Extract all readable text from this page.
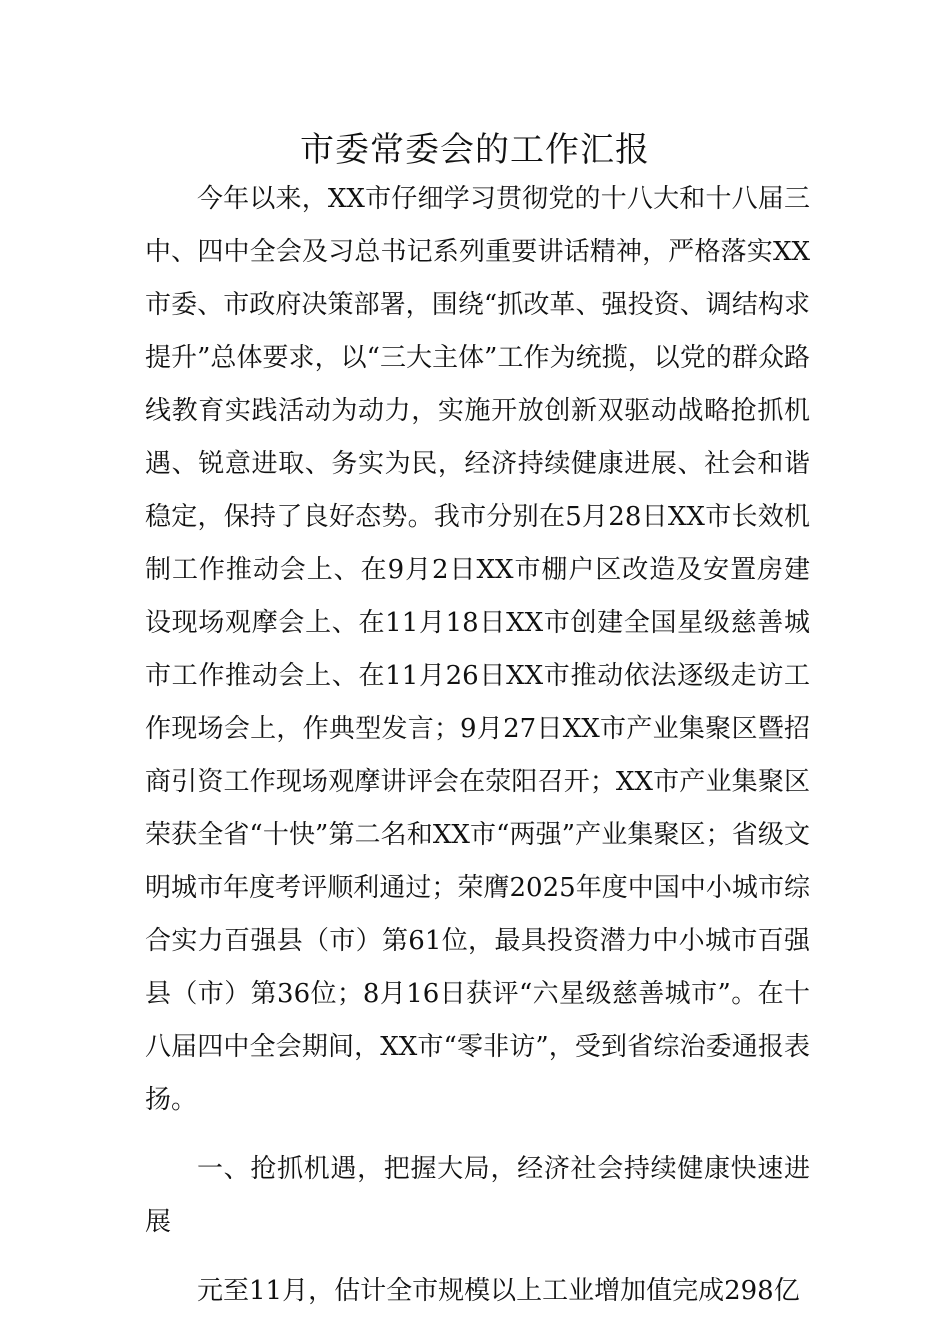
市委常委会的工作汇报

今年以来，XX市仔细学习贯彻党的十八大和十八届三中、四中全会及习总书记系列重要讲话精神，严格落实XX市委、市政府决策部署，围绕“抓改革、强投资、调结构求提升”总体要求，以“三大主体”工作为统揽，以党的群众路线教育实践活动为动力，实施开放创新双驱动战略抢抓机遇、锐意进取、务实为民，经济持续健康进展、社会和谐稳定，保持了良好态势。我市分别在5月28日XX市长效机制工作推动会上、在9月2日XX市棚户区改造及安置房建设现场观摩会上、在11月18日XX市创建全国星级慈善城市工作推动会上、在11月26日XX市推动依法逐级走访工作现场会上，作典型发言；9月27日XX市产业集聚区暨招商引资工作现场观摩讲评会在荥阳召开；XX市产业集聚区荣获全省“十快”第二名和XX市“两强”产业集聚区；省级文明城市年度考评顺利通过；荣膺2025年度中国中小城市综合实力百强县（市）第61位，最具投资潜力中小城市百强县（市）第36位；8月16日获评“六星级慈善城市”。在十八届四中全会期间，XX市“零非访”，受到省综治委通报表扬。

一、抢抓机遇，把握大局，经济社会持续健康快速进展

元至11月，估计全市规模以上工业增加值完成298亿
